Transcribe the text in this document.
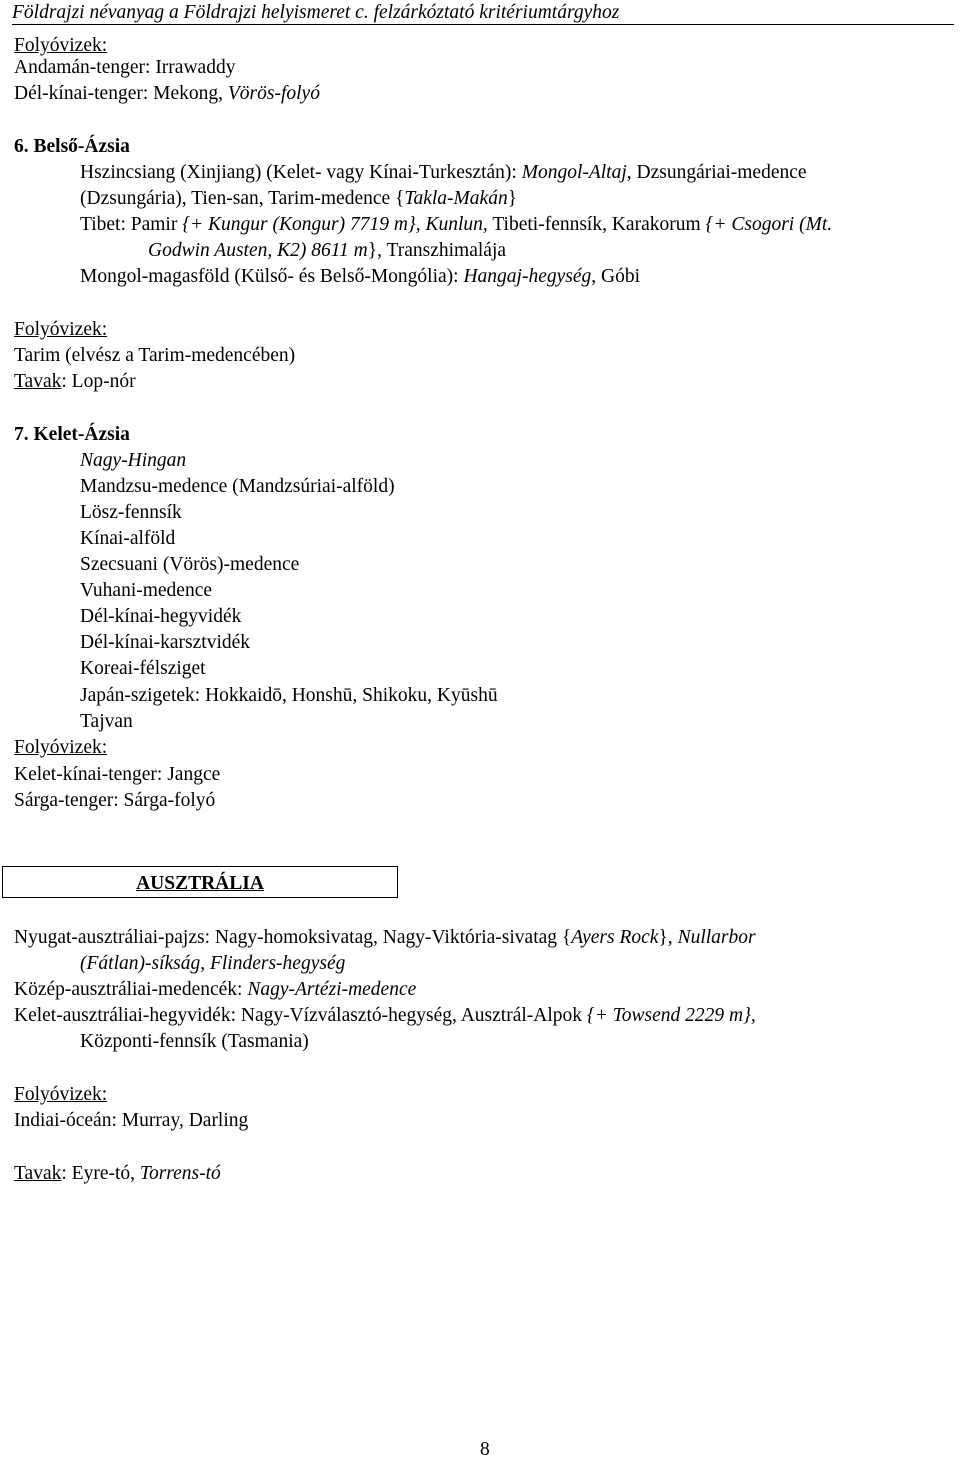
Földrajzi névanyag a Földrajzi helyismeret c. felzárkóztató kritériumtárgyhoz
Folyóvizek:
Andamán-tenger: Irrawaddy
Dél-kínai-tenger: Mekong, Vörös-folyó
6. Belső-Ázsia
Hszincsiang (Xinjiang) (Kelet- vagy Kínai-Turkesztán): Mongol-Altaj, Dzsungáriai-medence
(Dzsungária), Tien-san, Tarim-medence {Takla-Makán}
Tibet: Pamir {+ Kungur (Kongur) 7719 m}, Kunlun, Tibeti-fennsík, Karakorum {+ Csogori (Mt.
Godwin Austen, K2) 8611 m}, Transzhimalája
Mongol-magasföld (Külső- és Belső-Mongólia): Hangaj-hegység, Góbi
Folyóvizek:
Tarim (elvész a Tarim-medencében)
Tavak: Lop-nór
7. Kelet-Ázsia
Nagy-Hingan
Mandzsu-medence (Mandzsúriai-alföld)
Lösz-fennsík
Kínai-alföld
Szecsuani (Vörös)-medence
Vuhani-medence
Dél-kínai-hegyvidék
Dél-kínai-karsztvidék
Koreai-félsziget
Japán-szigetek: Hokkaidō, Honshū, Shikoku, Kyūshū
Tajvan
Folyóvizek:
Kelet-kínai-tenger: Jangce
Sárga-tenger: Sárga-folyó
AUSZTRÁLIA
Nyugat-ausztráliai-pajzs: Nagy-homoksivatag, Nagy-Viktória-sivatag {Ayers Rock}, Nullarbor
(Fátlan)-síkság, Flinders-hegység
Közép-ausztráliai-medencék: Nagy-Artézi-medence
Kelet-ausztráliai-hegyvidék: Nagy-Vízválasztó-hegység, Ausztrál-Alpok {+ Towsend 2229 m},
Központi-fennsík (Tasmania)
Folyóvizek:
Indiai-óceán: Murray, Darling
Tavak: Eyre-tó, Torrens-tó
8
